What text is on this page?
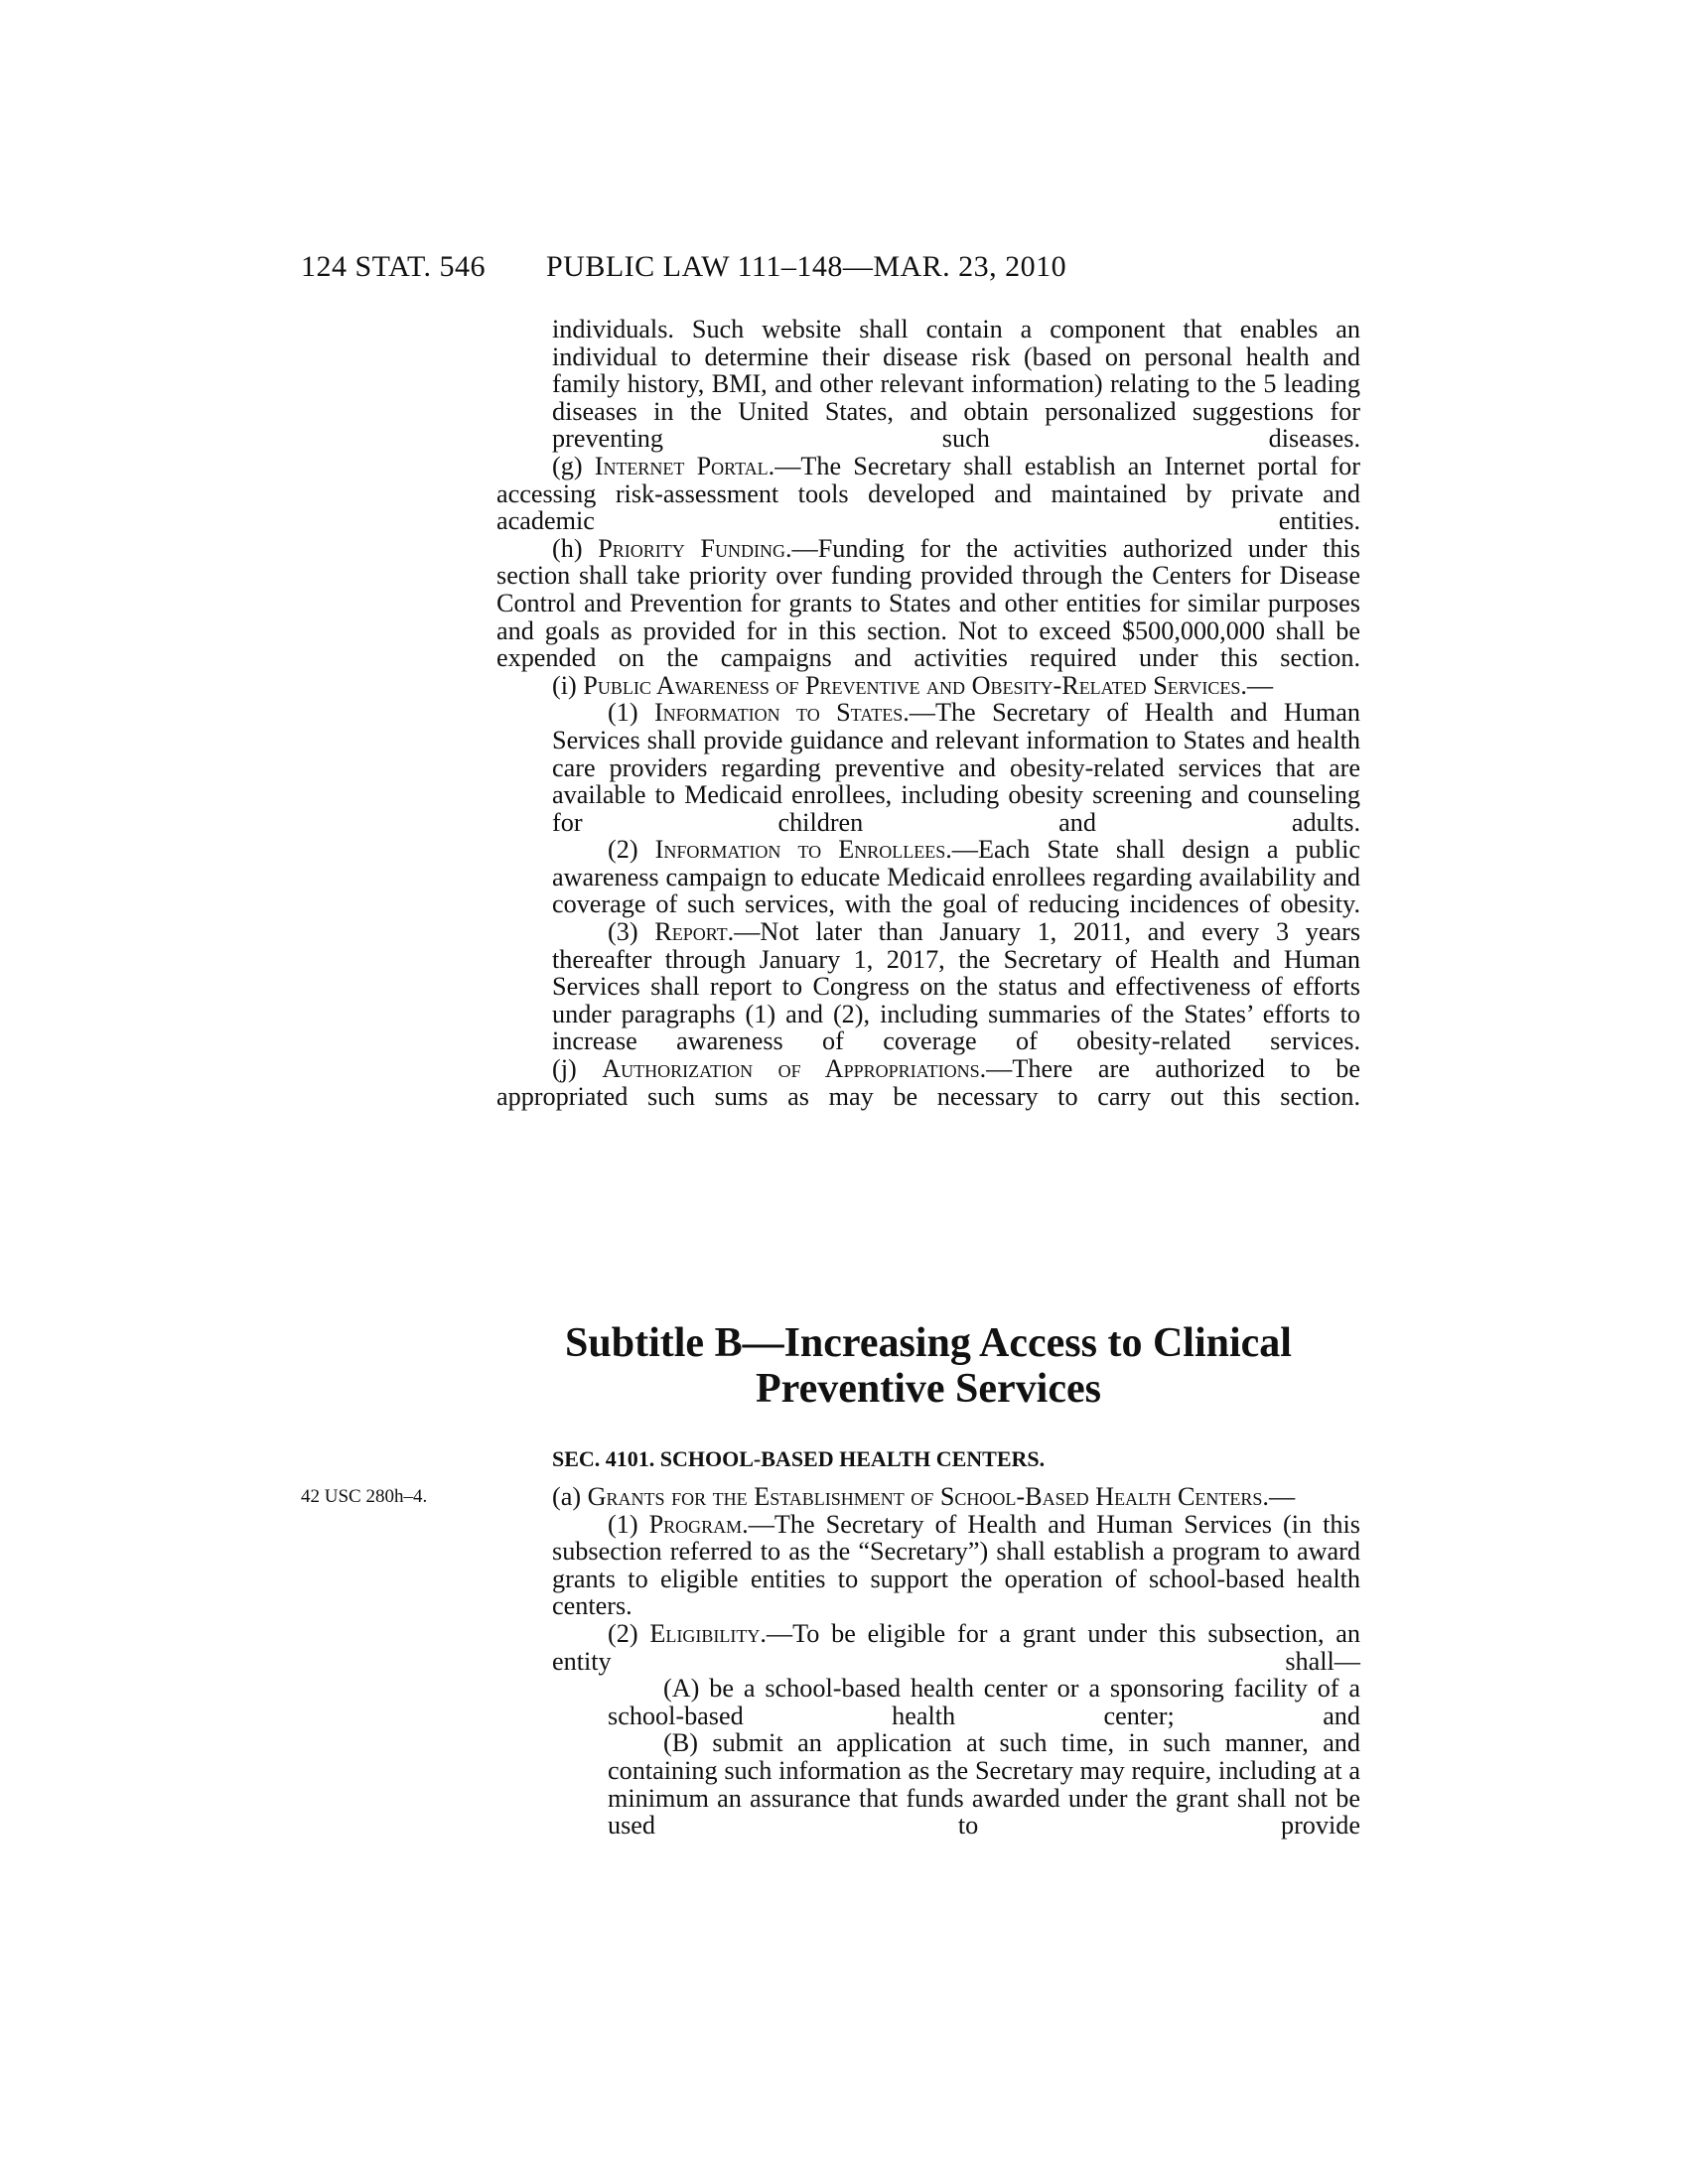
124 STAT. 546 PUBLIC LAW 111–148—MAR. 23, 2010

individuals. Such website shall contain a component that enables an individual to determine their disease risk (based on personal health and family history, BMI, and other relevant information) relating to the 5 leading diseases in the United States, and obtain personalized suggestions for preventing such diseases.

(g) Internet Portal.—The Secretary shall establish an Internet portal for accessing risk-assessment tools developed and maintained by private and academic entities.

(h) Priority Funding.—Funding for the activities authorized under this section shall take priority over funding provided through the Centers for Disease Control and Prevention for grants to States and other entities for similar purposes and goals as provided for in this section. Not to exceed $500,000,000 shall be expended on the campaigns and activities required under this section.

(i) Public Awareness of Preventive and Obesity-Related Services.—

(1) Information to States.—The Secretary of Health and Human Services shall provide guidance and relevant information to States and health care providers regarding preventive and obesity-related services that are available to Medicaid enrollees, including obesity screening and counseling for children and adults.

(2) Information to Enrollees.—Each State shall design a public awareness campaign to educate Medicaid enrollees regarding availability and coverage of such services, with the goal of reducing incidences of obesity.

(3) Report.—Not later than January 1, 2011, and every 3 years thereafter through January 1, 2017, the Secretary of Health and Human Services shall report to Congress on the status and effectiveness of efforts under paragraphs (1) and (2), including summaries of the States’ efforts to increase awareness of coverage of obesity-related services.

(j) Authorization of Appropriations.—There are authorized to be appropriated such sums as may be necessary to carry out this section.

Subtitle B—Increasing Access to Clinical
Preventive Services
SEC. 4101. SCHOOL-BASED HEALTH CENTERS.
42 USC 280h–4.	(a) Grants for the Establishment of School-Based Health Centers.—

(1) Program.—The Secretary of Health and Human Services (in this subsection referred to as the “Secretary”) shall establish a program to award grants to eligible entities to support the operation of school-based health centers.

(2) Eligibility.—To be eligible for a grant under this subsection, an entity shall—

(A) be a school-based health center or a sponsoring facility of a school-based health center; and

(B) submit an application at such time, in such manner, and containing such information as the Secretary may require, including at a minimum an assurance that funds awarded under the grant shall not be used to provide
